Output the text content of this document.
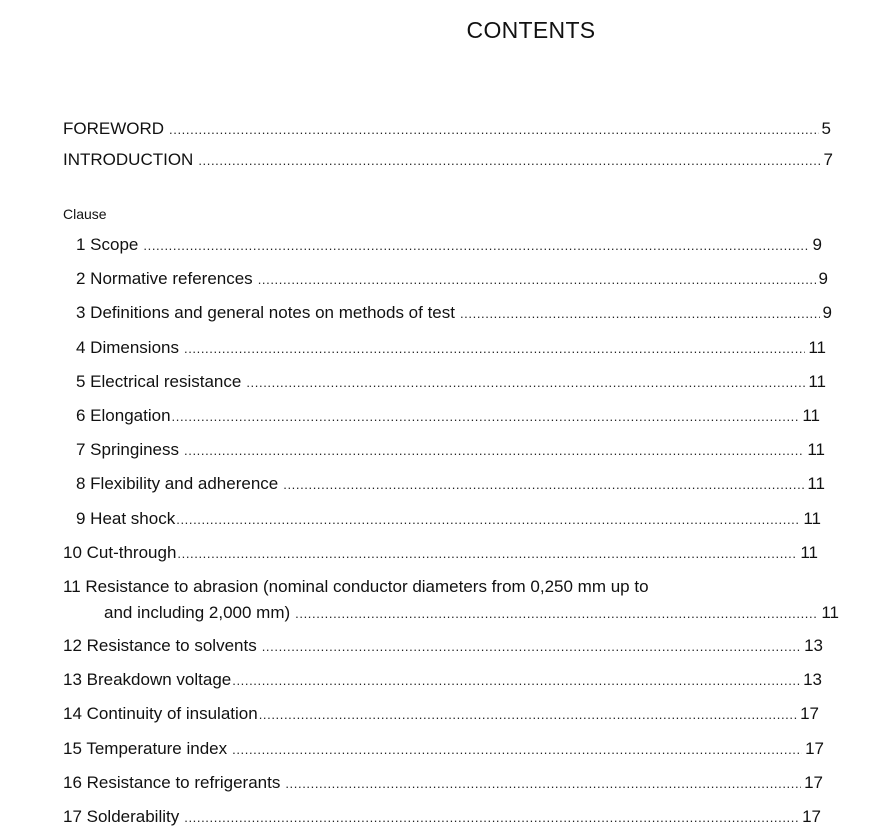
CONTENTS
FOREWORD .....	5
INTRODUCTION .....	7
Clause
1 Scope .....	9
2 Normative references .....	9
3 Definitions and general notes on methods of test .....	9
4 Dimensions .....	11
5 Electrical resistance .....	11
6 Elongation .....	11
7 Springiness .....	11
8 Flexibility and adherence .....	11
9 Heat shock .....	11
10 Cut-through .....	11
11 Resistance to abrasion (nominal conductor diameters from 0,250 mm up to
and including 2,000 mm) .....	11
12 Resistance to solvents .....	13
13 Breakdown voltage .....	13
14 Continuity of insulation .....	17
15 Temperature index .....	17
16 Resistance to refrigerants .....	17
17 Solderability .....	17
